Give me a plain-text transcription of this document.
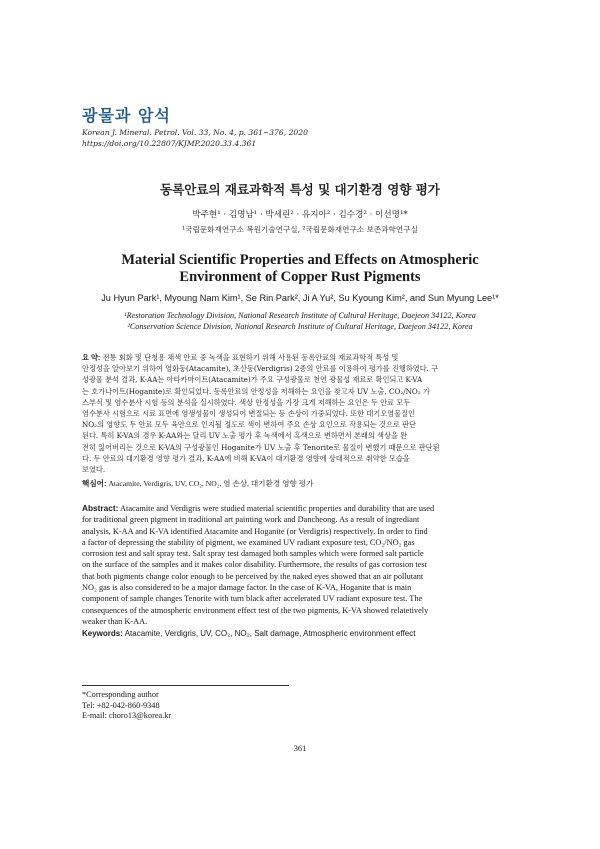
광물과 암석
Korean J. Mineral. Petrol. Vol. 33, No. 4, p. 361~376, 2020
https://doi.org/10.22807/KJMP.2020.33.4.361
동록안료의 재료과학적 특성 및 대기환경 영향 평가
박주현¹ · 김명남¹ · 박세린² · 유지아² · 김수경² · 이선명¹*
¹국립문화재연구소 복원기술연구실, ²국립문화재연구소 보존과학연구실
Material Scientific Properties and Effects on Atmospheric
Environment of Copper Rust Pigments
Ju Hyun Park¹, Myoung Nam Kim¹, Se Rin Park², Ji A Yu², Su Kyoung Kim², and Sun Myung Lee¹*
¹Restoration Technology Division, National Research Institute of Cultural Heritage, Daejeon 34122, Korea
²Conservation Science Division, National Research Institute of Cultural Heritage, Daejeon 34122, Korea
요 약: 전통 회화 및 단청용 채색 안료 중 녹색을 표현하기 위해 사용된 동록안료의 재료과학적 특성 및
안정성을 알아보기 위하여 염화동(Atacamite), 초산동(Verdigris) 2종의 안료를 이용하여 평가를 진행하였다. 구
성광물 분석 결과, K-AA는 아타카마이트(Atacamite)가 주요 구성광물로 천연 광물성 재료로 확인되고 K-VA
는 호가나이트(Hoganite)로 확인되었다. 동록안료의 안정성을 저해하는 요인을 찾고자 UV 노출, CO₂/NO₂ 가
스부식 및 염수분사 시험 등의 분석을 실시하였다. 색상 안정성을 가장 크게 저해하는 요인은 두 안료 모두
염수분사 시험으로 시료 표면에 염생성물이 생성되어 변질되는 등 손상이 가중되었다. 또한 대기오염물질인
NO₂의 영향도 두 안료 모두 육안으로 인지될 정도로 색이 변하여 주요 손상 요인으로 작용되는 것으로 판단
된다. 특히 K-VA의 경우 K-AA와는 달리 UV 노출 평가 후 녹색에서 흑색으로 변하면서 본래의 색상을 완
전히 잃어버리는 것으로 K-VA의 구성광물인 Hoganite가 UV 노출 후 Tenorite로 물질이 변했기 때문으로 판단된
다. 두 안료의 대기환경 영향 평가 결과, K-AA에 비해 K-VA이 대기환경 영향에 상대적으로 취약한 모습을
보였다.
핵심어: Atacamite, Verdigris, UV, CO₂, NO₂, 염 손상, 대기환경 영향 평가
Abstract: Atacamite and Verdigris were studied material scientific properties and durability that are used
for traditional green pigment in traditional art painting work and Dancheong. As a result of ingrediant
analysis, K-AA and K-VA identified Atacamite and Hoganite (or Verdigris) respectively. In order to find
a factor of depressing the stability of pigment, we examined UV radiant exposure test, CO₂/NO₂ gas
corrosion test and salt spray test. Salt spray test damaged both samples which were formed salt particle
on the surface of the samples and it makes color disability. Furthermore, the results of gas corrosion test
that both pigments change color enough to be perceived by the naked eyes showed that an air pollutant
NO₂ gas is also considered to be a major damage factor. In the case of K-VA, Hoganite that is main
component of sample changes Tenorite with turn black after accelerated UV radiant exposure test. The
consequences of the atmospheric environment effect test of the two pigments, K-VA showed relatetively
weaker than K-AA.
Keywords: Atacamite, Verdigris, UV, CO₂, NO₂, Salt damage, Atmospheric environment effect
*Corresponding author
Tel: +82-042-860-9348
E-mail: choro13@korea.kr
361
